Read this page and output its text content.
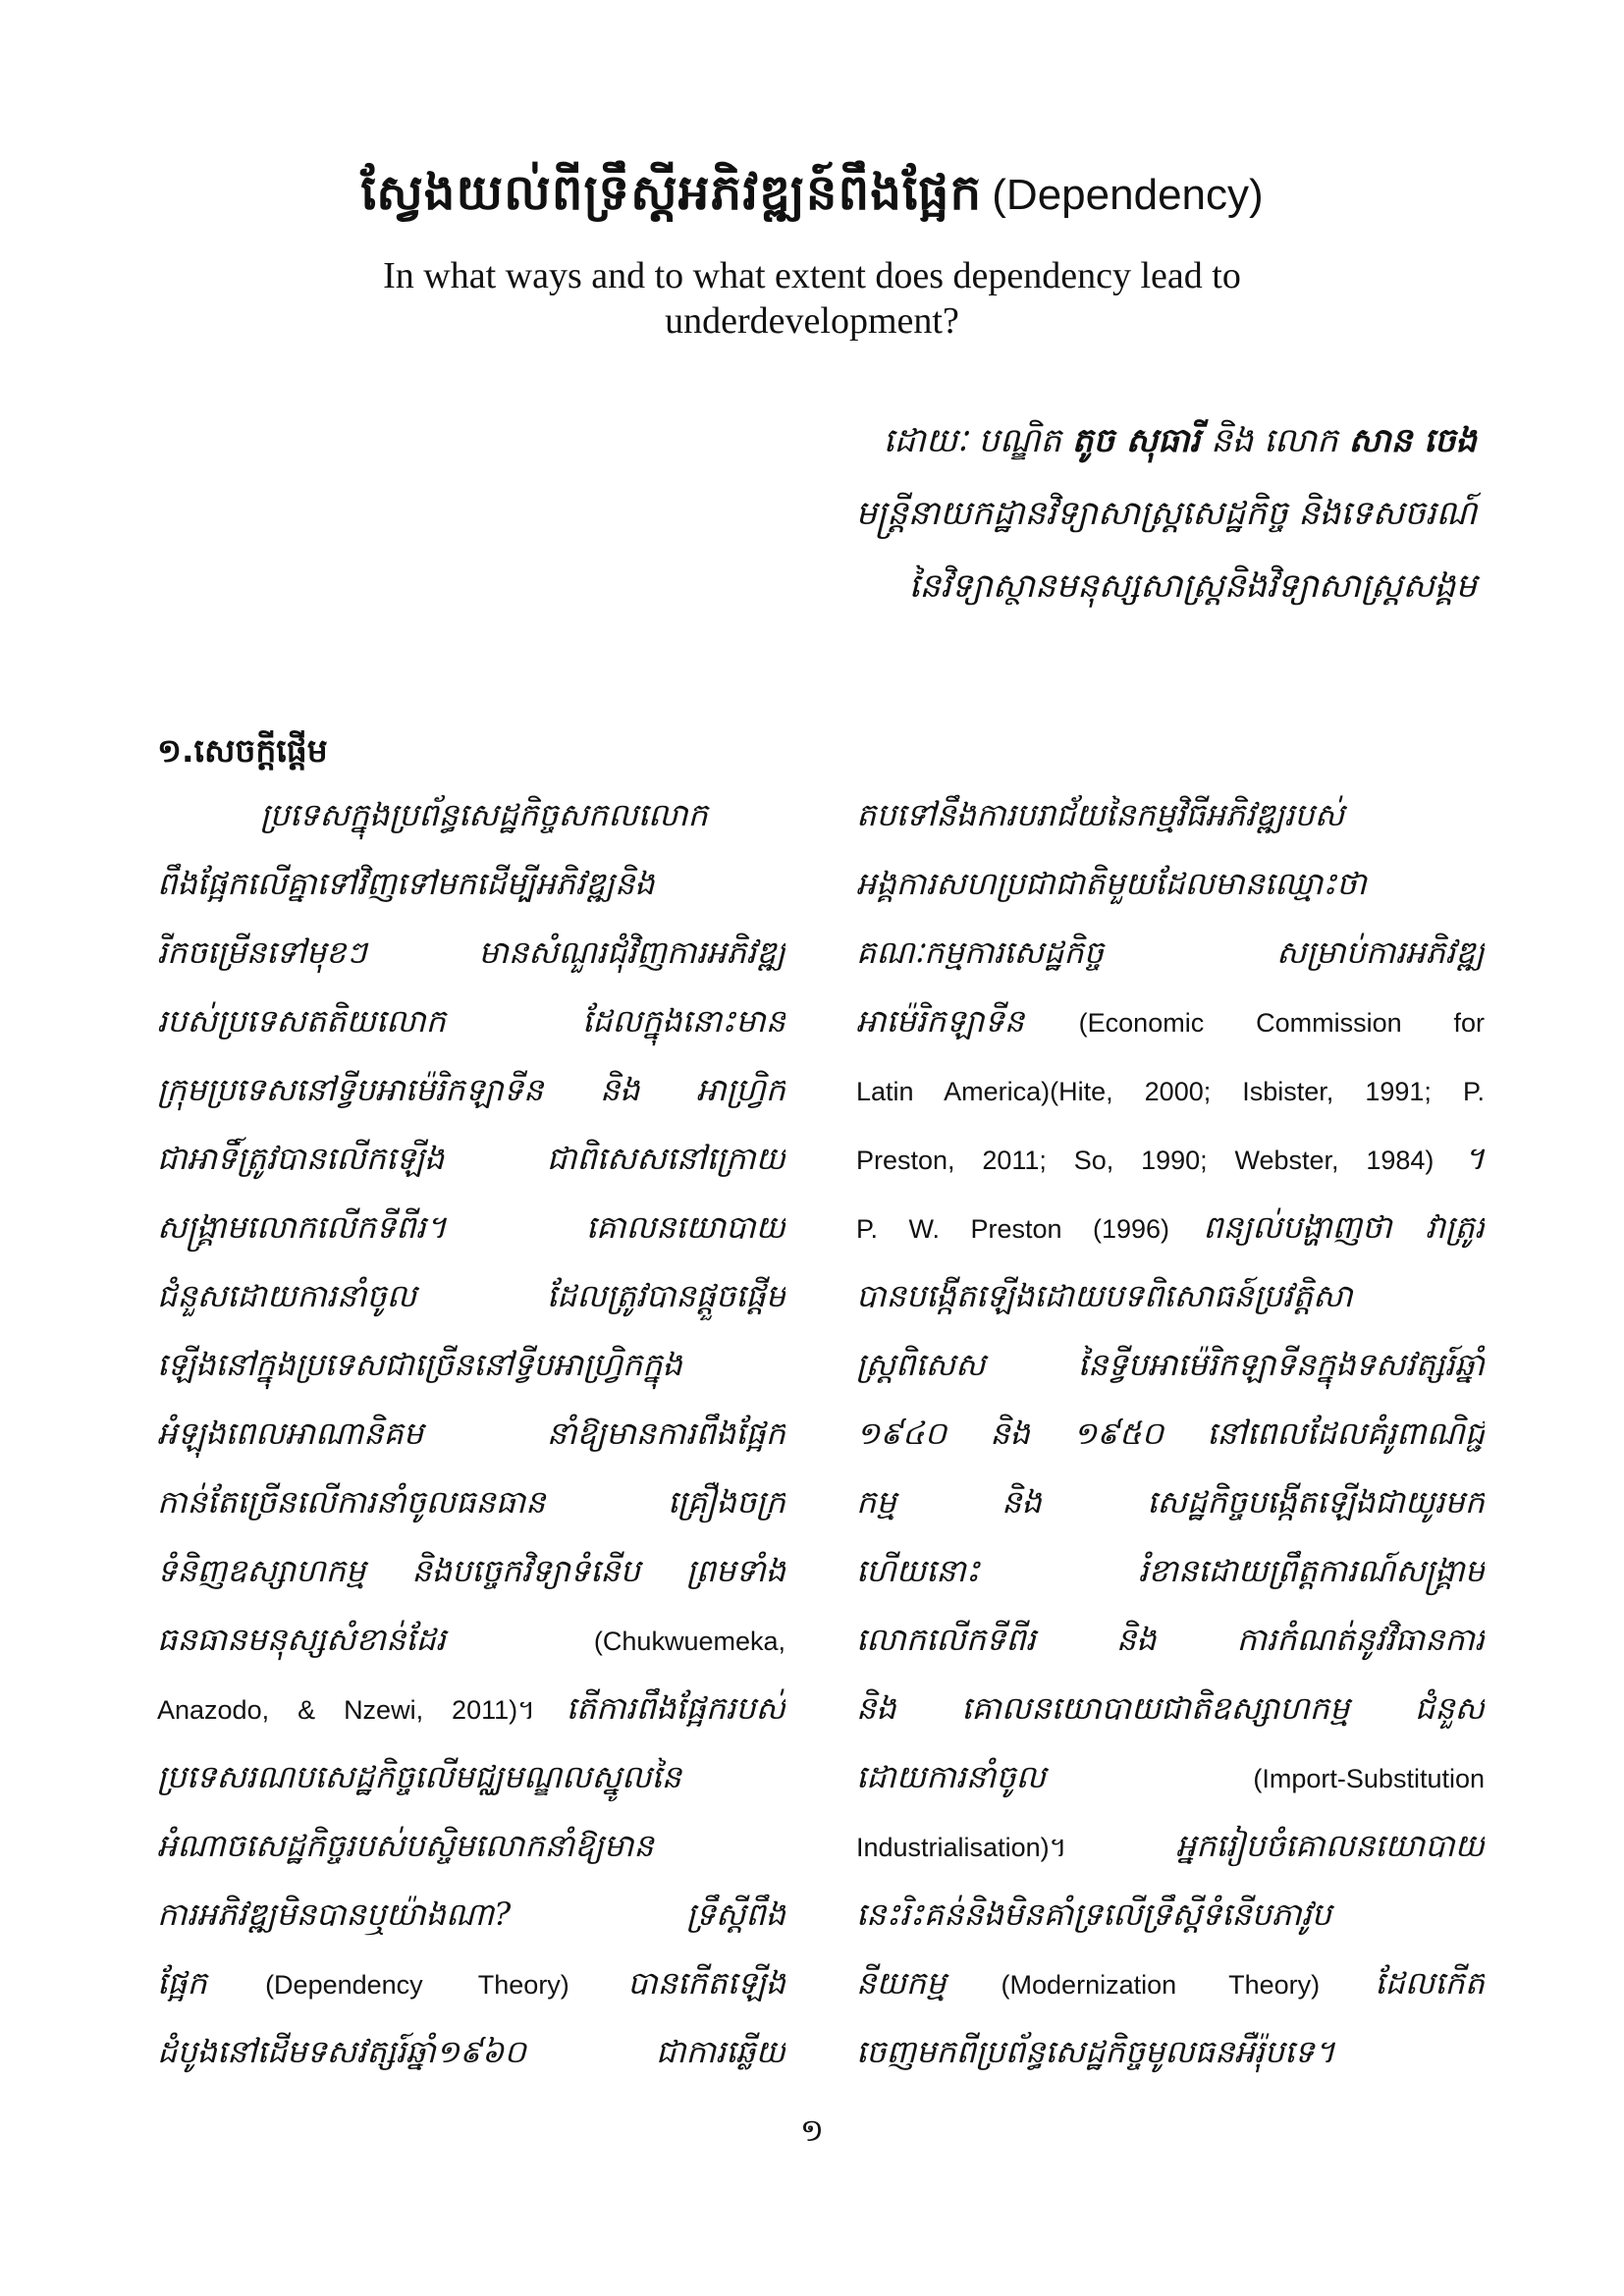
ស្វែងយល់ពីទ្រឹស្តីអភិវឌ្ឍន៍ពឹងផ្អែក (Dependency)
In what ways and to what extent does dependency lead to
underdevelopment?
ដោយៈ បណ្ឌិត តូច សុធារី និង លោក សាន ចេង
មន្ត្រីនាយកដ្ឋានវិទ្យាសាស្ត្រសេដ្ឋកិច្ច និងទេសចរណ៍
នៃវិទ្យាស្ថានមនុស្សសាស្ត្រនិងវិទ្យាសាស្ត្រសង្គម
១.សេចក្តីផ្តើម
ប្រទេសក្នុងប្រព័ន្ធសេដ្ឋកិច្ចសកលលោក
ពឹងផ្អែកលើគ្នាទៅវិញទៅមកដើម្បីអភិវឌ្ឍនិង
រីកចម្រើនទៅមុខៗ មានសំណួរជុំវិញការអភិវឌ្ឍ
របស់ប្រទេសតតិយលោក ដែលក្នុងនោះមាន
ក្រុមប្រទេសនៅទ្វីបអាម៉េរិកឡាទីន និង អាហ្វ្រិក
ជាអាទិ៍ត្រូវបានលើកឡើង ជាពិសេសនៅក្រោយ
សង្គ្រាមលោកលើកទីពីរ។ គោលនយោបាយ
ជំនួសដោយការនាំចូល ដែលត្រូវបានផ្តួចផ្តើម
ឡើងនៅក្នុងប្រទេសជាច្រើននៅទ្វីបអាហ្វ្រិកក្នុង
អំឡុងពេលអាណានិគម នាំឱ្យមានការពឹងផ្អែក
កាន់តែច្រើនលើការនាំចូលធនធាន គ្រឿងចក្រ
ទំនិញឧស្សាហកម្ម និងបច្ចេកវិទ្យាទំនើប ព្រមទាំង
ធនធានមនុស្សសំខាន់ដែរ	(Chukwuemeka,
Anazodo, & Nzewi, 2011)។ តើការពឹងផ្អែករបស់
ប្រទេសរណបសេដ្ឋកិច្ចលើមជ្ឈមណ្ឌលស្នូលនៃ
អំណាចសេដ្ឋកិច្ចរបស់បស្ចិមលោកនាំឱ្យមាន
ការអភិវឌ្ឍមិនបានឬយ៉ាងណា? ទ្រឹស្តីពឹង
ផ្អែក (Dependency Theory) បានកើតឡើង
ដំបូងនៅដើមទសវត្សរ៍ឆ្នាំ១៩៦០ ជាការឆ្លើយ
តបទៅនឹងការបរាជ័យនៃកម្មវិធីអភិវឌ្ឍរបស់
អង្គការសហប្រជាជាតិមួយដែលមានឈ្មោះថា
គណៈកម្មការសេដ្ឋកិច្ច សម្រាប់ការអភិវឌ្ឍ
អាម៉េរិកឡាទីន (Economic Commission for
Latin America)(Hite, 2000; Isbister, 1991; P.
Preston, 2011; So, 1990; Webster, 1984) ។
P. W. Preston (1996) ពន្យល់បង្ហាញថា វាត្រូវ
បានបង្កើតឡើងដោយបទពិសោធន៍ប្រវត្តិសា
ស្ត្រពិសេស នៃទ្វីបអាម៉េរិកឡាទីនក្នុងទសវត្សរ៍ឆ្នាំ
១៩៤០ និង ១៩៥០ នៅពេលដែលគំរូពាណិជ្ជ
កម្ម និង សេដ្ឋកិច្ចបង្កើតឡើងជាយូរមក
ហើយនោះ រំខានដោយព្រឹត្តការណ៍សង្គ្រាម
លោកលើកទីពីរ និង ការកំណត់នូវវិធានការ
និង គោលនយោបាយជាតិឧស្សាហកម្ម ជំនួស
ដោយការនាំចូល	(Import-Substitution
Industrialisation)។	អ្នករៀបចំគោលនយោបាយ
នេះរិះគន់និងមិនគាំទ្រលើទ្រឹស្តីទំនើបភាវូប
នីយកម្ម (Modernization Theory) ដែលកើត
ចេញមកពីប្រព័ន្ធសេដ្ឋកិច្ចមូលធនអឺរ៉ុបទេ។
១
